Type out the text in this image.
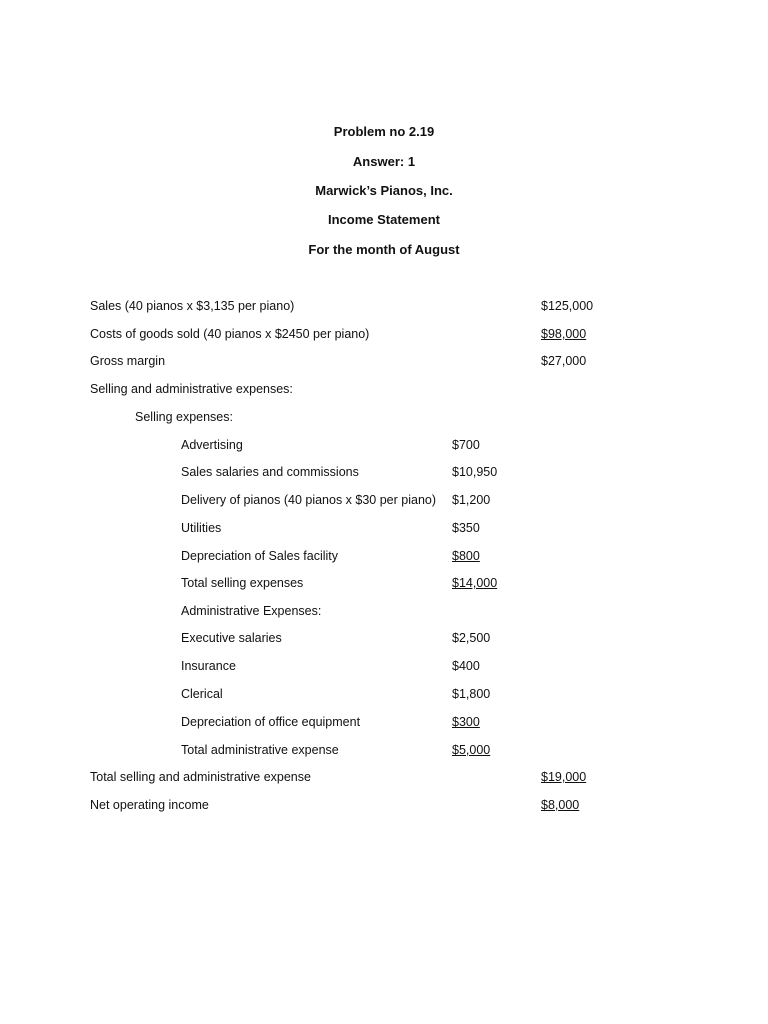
Problem no 2.19
Answer: 1
Marwick’s Pianos, Inc.
Income Statement
For the month of August
Sales (40 pianos x $3,135 per piano)	$125,000
Costs of goods sold (40 pianos x $2450 per piano)	$98,000
Gross margin	$27,000
Selling and administrative expenses:
Selling expenses:
Advertising	$700
Sales salaries and commissions	$10,950
Delivery of pianos (40 pianos x $30 per piano) $1,200
Utilities	$350
Depreciation of Sales facility	$800
Total selling expenses	$14,000
Administrative Expenses:
Executive salaries	$2,500
Insurance	$400
Clerical	$1,800
Depreciation of office equipment	$300
Total administrative expense	$5,000
Total selling and administrative expense	$19,000
Net operating income	$8,000
